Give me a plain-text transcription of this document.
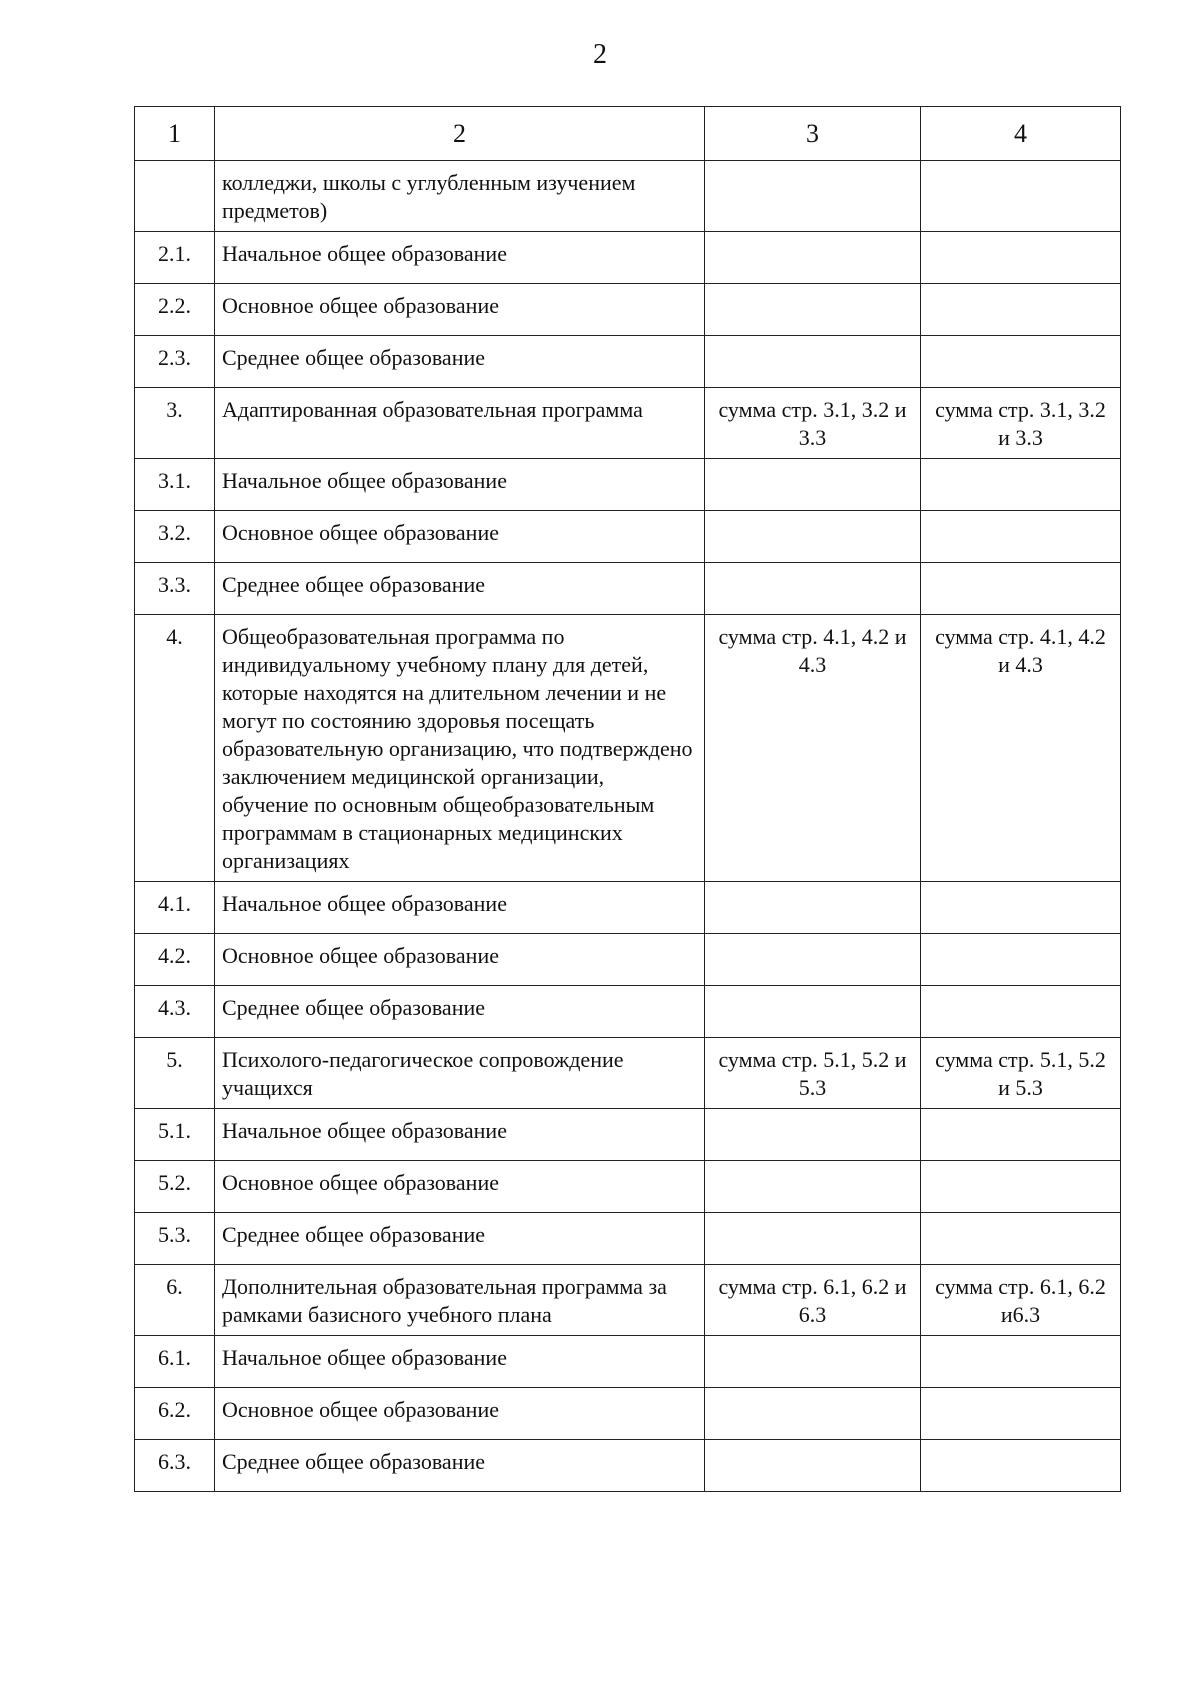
2
1	2	3	4
	колледжи, школы с углубленным изучением предметов)		
2.1.	Начальное общее образование		
2.2.	Основное общее образование		
2.3.	Среднее общее образование		
3.	Адаптированная образовательная программа	сумма стр. 3.1, 3.2 и 3.3	сумма стр. 3.1, 3.2 и 3.3
3.1.	Начальное общее образование		
3.2.	Основное общее образование		
3.3.	Среднее общее образование		
4.	Общеобразовательная программа по индивидуальному учебному плану для детей, которые находятся на длительном лечении и не могут по состоянию здоровья посещать образовательную организацию, что подтверждено заключением медицинской организации, обучение по основным общеобразовательным программам в стационарных медицинских организациях	сумма стр. 4.1, 4.2 и 4.3	сумма стр. 4.1, 4.2 и 4.3
4.1.	Начальное общее образование		
4.2.	Основное общее образование		
4.3.	Среднее общее образование		
5.	Психолого-педагогическое сопровождение учащихся	сумма стр. 5.1, 5.2 и 5.3	сумма стр. 5.1, 5.2 и 5.3
5.1.	Начальное общее образование		
5.2.	Основное общее образование		
5.3.	Среднее общее образование		
6.	Дополнительная образовательная программа за рамками базисного учебного плана	сумма стр. 6.1, 6.2 и 6.3	сумма стр. 6.1, 6.2 и6.3
6.1.	Начальное общее образование		
6.2.	Основное общее образование		
6.3.	Среднее общее образование		
